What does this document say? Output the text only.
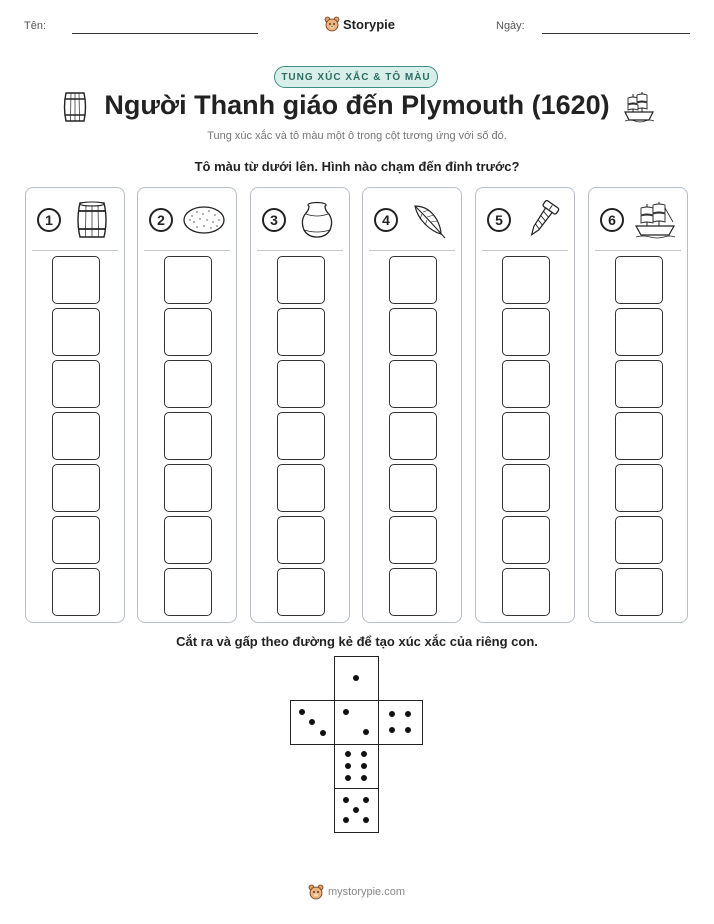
Tên:	Storypie	Ngày:
TUNG XÚC XẮC & TÔ MÀU
Người Thanh giáo đến Plymouth (1620)
Tung xúc xắc và tô màu một ô trong cột tương ứng với số đó.
Tô màu từ dưới lên. Hình nào chạm đến đỉnh trước?
1	2	3	4	5	6
Cắt ra và gấp theo đường kẻ để tạo xúc xắc của riêng con.
mystorypie.com
